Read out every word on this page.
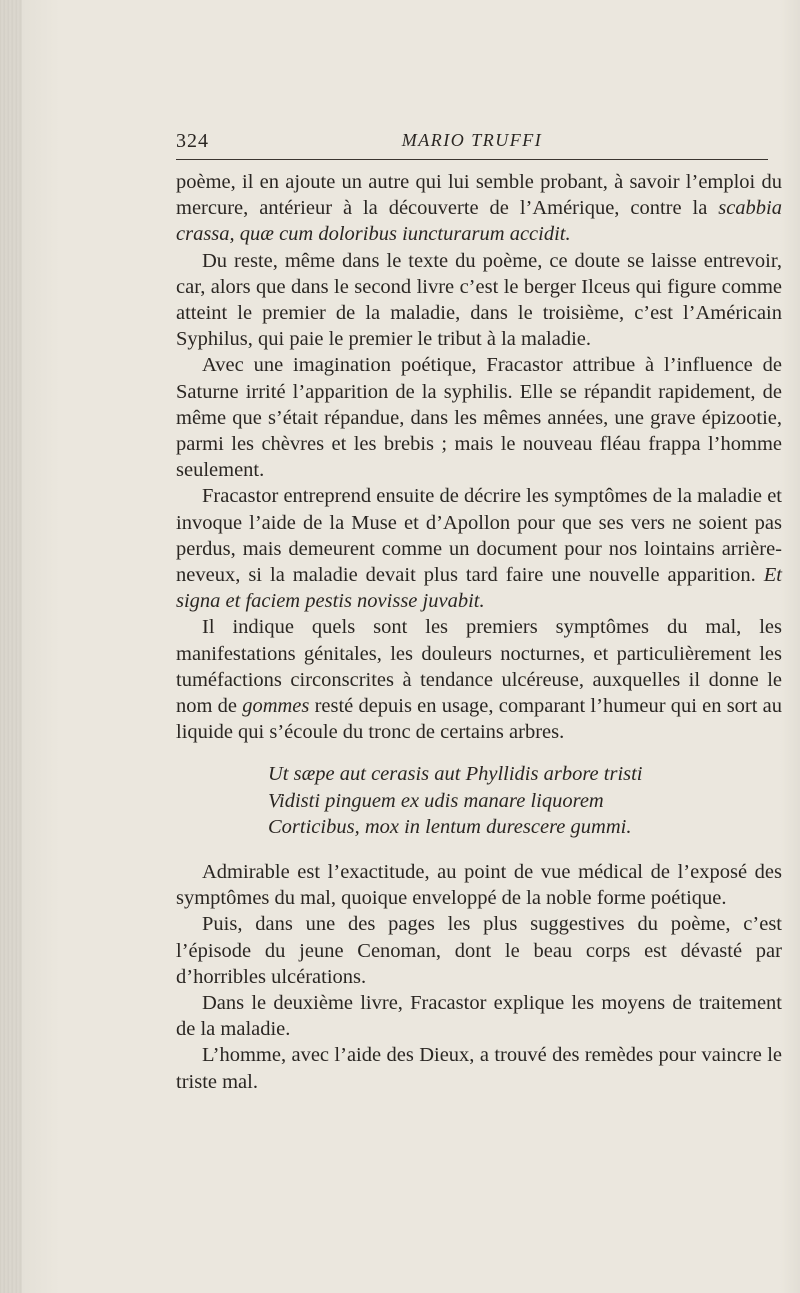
324	MARIO TRUFFI

poème, il en ajoute un autre qui lui semble probant, à savoir l’emploi du mercure, antérieur à la découverte de l’Amérique, contre la scabbia crassa, quæ cum doloribus iuncturarum accidit.

Du reste, même dans le texte du poème, ce doute se laisse entrevoir, car, alors que dans le second livre c’est le berger Ilceus qui figure comme atteint le premier de la maladie, dans le troisième, c’est l’Américain Syphilus, qui paie le premier le tribut à la maladie.

Avec une imagination poétique, Fracastor attribue à l’influence de Saturne irrité l’apparition de la syphilis. Elle se répandit rapidement, de même que s’était répandue, dans les mêmes années, une grave épizootie, parmi les chèvres et les brebis ; mais le nouveau fléau frappa l’homme seulement.

Fracastor entreprend ensuite de décrire les symptômes de la maladie et invoque l’aide de la Muse et d’Apollon pour que ses vers ne soient pas perdus, mais demeurent comme un document pour nos lointains arrière-neveux, si la maladie devait plus tard faire une nouvelle apparition. Et signa et faciem pestis novisse juvabit.

Il indique quels sont les premiers symptômes du mal, les manifestations génitales, les douleurs nocturnes, et particulièrement les tuméfactions circonscrites à tendance ulcéreuse, auxquelles il donne le nom de gommes resté depuis en usage, comparant l’humeur qui en sort au liquide qui s’écoule du tronc de certains arbres.

Ut sæpe aut cerasis aut Phyllidis arbore tristi
Vidisti pinguem ex udis manare liquorem
Corticibus, mox in lentum durescere gummi.

Admirable est l’exactitude, au point de vue médical de l’exposé des symptômes du mal, quoique enveloppé de la noble forme poétique.

Puis, dans une des pages les plus suggestives du poème, c’est l’épisode du jeune Cenoman, dont le beau corps est dévasté par d’horribles ulcérations.

Dans le deuxième livre, Fracastor explique les moyens de traitement de la maladie.

L’homme, avec l’aide des Dieux, a trouvé des remèdes pour vaincre le triste mal.
